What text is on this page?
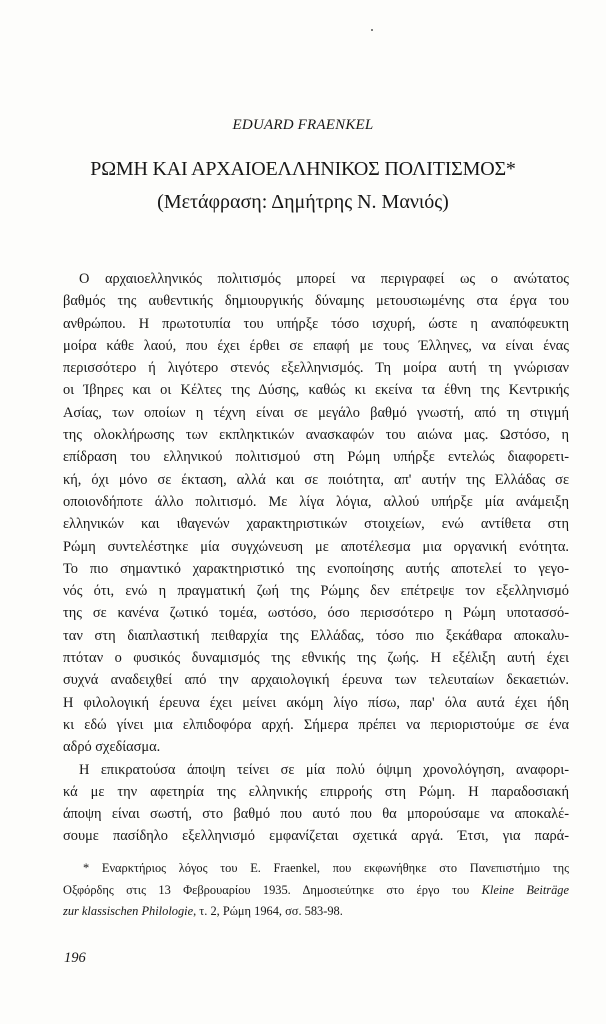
EDUARD FRAENKEL
ΡΩΜΗ ΚΑΙ ΑΡΧΑΙΟΕΛΛΗΝΙΚΟΣ ΠΟΛΙΤΙΣΜΟΣ*
(Μετάφραση: Δημήτρης Ν. Μανιός)
Ο αρχαιοελληνικός πολιτισμός μπορεί να περιγραφεί ως ο ανώτατος
βαθμός της αυθεντικής δημιουργικής δύναμης μετουσιωμένης στα έργα του
ανθρώπου. Η πρωτοτυπία του υπήρξε τόσο ισχυρή, ώστε η αναπόφευκτη
μοίρα κάθε λαού, που έχει έρθει σε επαφή με τους Έλληνες, να είναι ένας
περισσότερο ή λιγότερο στενός εξελληνισμός. Τη μοίρα αυτή τη γνώρισαν
οι Ίβηρες και οι Κέλτες της Δύσης, καθώς κι εκείνα τα έθνη της Κεντρικής
Ασίας, των οποίων η τέχνη είναι σε μεγάλο βαθμό γνωστή, από τη στιγμή
της ολοκλήρωσης των εκπληκτικών ανασκαφών του αιώνα μας. Ωστόσο, η
επίδραση του ελληνικού πολιτισμού στη Ρώμη υπήρξε εντελώς διαφορετι-
κή, όχι μόνο σε έκταση, αλλά και σε ποιότητα, απ' αυτήν της Ελλάδας σε
οποιονδήποτε άλλο πολιτισμό. Με λίγα λόγια, αλλού υπήρξε μία ανάμειξη
ελληνικών και ιθαγενών χαρακτηριστικών στοιχείων, ενώ αντίθετα στη
Ρώμη συντελέστηκε μία συγχώνευση με αποτέλεσμα μια οργανική ενότητα.
Το πιο σημαντικό χαρακτηριστικό της ενοποίησης αυτής αποτελεί το γεγο-
νός ότι, ενώ η πραγματική ζωή της Ρώμης δεν επέτρεψε τον εξελληνισμό
της σε κανένα ζωτικό τομέα, ωστόσο, όσο περισσότερο η Ρώμη υποτασσό-
ταν στη διαπλαστική πειθαρχία της Ελλάδας, τόσο πιο ξεκάθαρα αποκαλυ-
πτόταν ο φυσικός δυναμισμός της εθνικής της ζωής. Η εξέλιξη αυτή έχει
συχνά αναδειχθεί από την αρχαιολογική έρευνα των τελευταίων δεκαετιών.
Η φιλολογική έρευνα έχει μείνει ακόμη λίγο πίσω, παρ' όλα αυτά έχει ήδη
κι εδώ γίνει μια ελπιδοφόρα αρχή. Σήμερα πρέπει να περιοριστούμε σε ένα
αδρό σχεδίασμα.
Η επικρατούσα άποψη τείνει σε μία πολύ όψιμη χρονολόγηση, αναφορι-
κά με την αφετηρία της ελληνικής επιρροής στη Ρώμη. Η παραδοσιακή
άποψη είναι σωστή, στο βαθμό που αυτό που θα μπορούσαμε να αποκαλέ-
σουμε πασίδηλο εξελληνισμό εμφανίζεται σχετικά αργά. Έτσι, για παρά-
* Εναρκτήριος λόγος του E. Fraenkel, που εκφωνήθηκε στο Πανεπιστήμιο της
Οξφόρδης στις 13 Φεβρουαρίου 1935. Δημοσιεύτηκε στο έργο του Kleine Beiträge
zur klassischen Philologie, τ. 2, Ρώμη 1964, σσ. 583-98.
196
